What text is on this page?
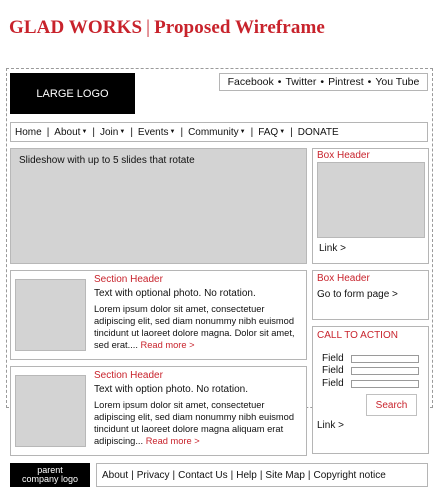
GLAD WORKS | Proposed Wireframe
LARGE LOGO
Facebook • Twitter • Pintrest • You Tube
Home | About ▼ | Join ▼ | Events ▼ | Community ▼ | FAQ ▼ | DONATE
Slideshow with up to 5 slides that rotate	Box Header
Link >
Box Header
Go to form page >
CALL TO ACTION
Field
Field
Field
Search
Link >
Section Header
Text with optional photo. No rotation.
Lorem ipsum dolor sit amet, consectetuer adipiscing elit, sed diam nonummy nibh euismod tincidunt ut laoreet dolore magna. Dolor sit amet, sed erat.... Read more >
Section Header
Text with option photo. No rotation.
Lorem ipsum dolor sit amet, consectetuer adipiscing elit, sed diam nonummy nibh euismod tincidunt ut laoreet dolore magna aliquam erat adipiscing... Read more >
parent
company logo About | Privacy | Contact Us | Help | Site Map | Copyright notice
